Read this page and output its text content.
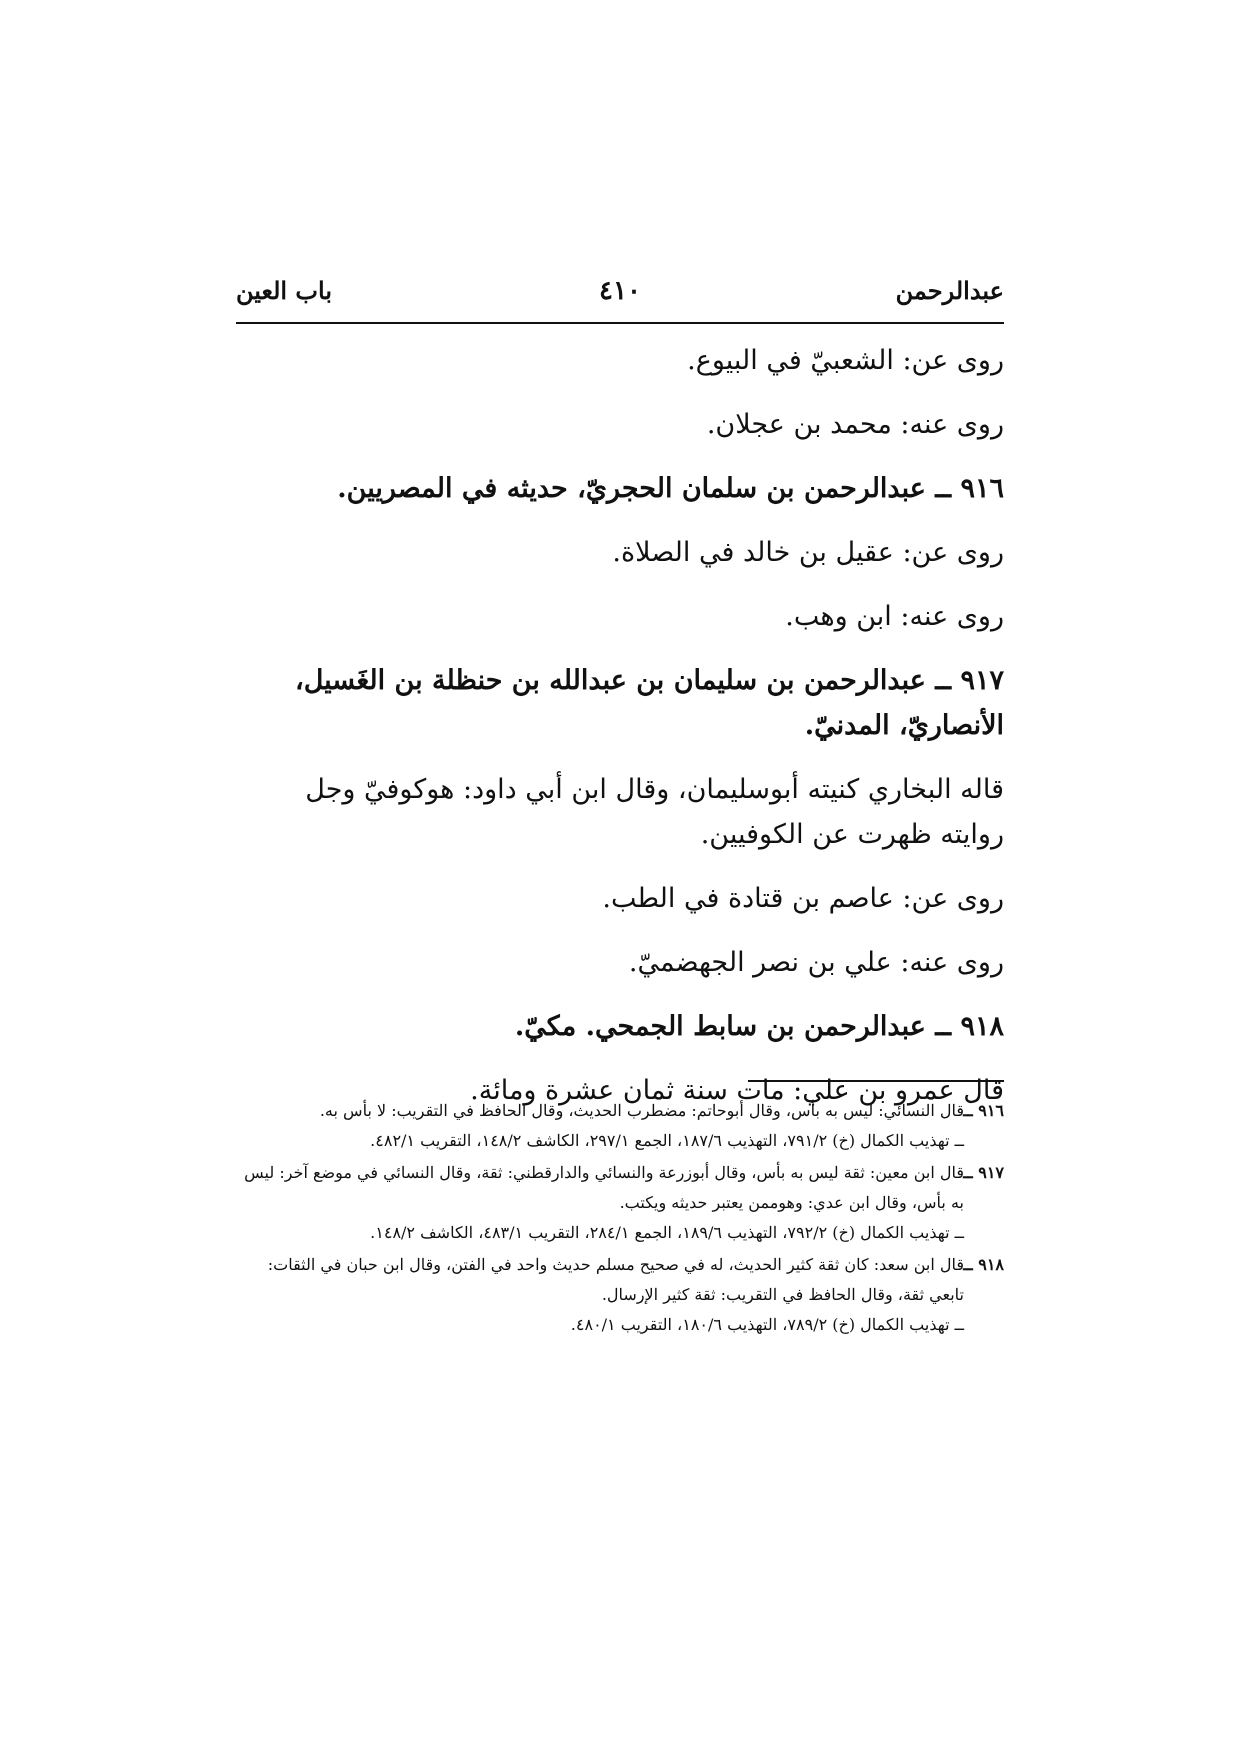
عبدالرحمن
٤١٠
باب العين

روى عن: الشعبيّ في البيوع.

روى عنه: محمد بن عجلان.

٩١٦ ــ عبدالرحمن بن سلمان الحجريّ، حديثه في المصريين.

روى عن: عقيل بن خالد في الصلاة.

روى عنه: ابن وهب.

٩١٧ ــ عبدالرحمن بن سليمان بن عبدالله بن حنظلة بن الغَسيل، الأنصاريّ، المدنيّ.

قاله البخاري كنيته أبوسليمان، وقال ابن أبي داود: هوكوفيّ وجل روايته ظهرت عن الكوفيين.

روى عن: عاصم بن قتادة في الطب.

روى عنه: علي بن نصر الجهضميّ.

٩١٨ ــ عبدالرحمن بن سابط الجمحي. مكيّ.

قال عمرو بن علي: مات سنة ثمان عشرة ومائة.

٩١٦ ــ

قال النسائي: ليس به بأس، وقال أبوحاتم: مضطرب الحديث، وقال الحافظ في التقريب: لا بأس به.

ــ تهذيب الكمال (خ) ٧٩١/٢، التهذيب ١٨٧/٦، الجمع ٢٩٧/١، الكاشف ١٤٨/٢، التقريب ٤٨٢/١.

٩١٧ ــ

قال ابن معين: ثقة ليس به بأس، وقال أبوزرعة والنسائي والدارقطني: ثقة، وقال النسائي في موضع آخر: ليس به بأس، وقال ابن عدي: وهوممن يعتبر حديثه ويكتب.

ــ تهذيب الكمال (خ) ٧٩٢/٢، التهذيب ١٨٩/٦، الجمع ٢٨٤/١، التقريب ٤٨٣/١، الكاشف ١٤٨/٢.

٩١٨ ــ

قال ابن سعد: كان ثقة كثير الحديث، له في صحيح مسلم حديث واحد في الفتن، وقال ابن حبان في الثقات: تابعي ثقة، وقال الحافظ في التقريب: ثقة كثير الإرسال.

ــ تهذيب الكمال (خ) ٧٨٩/٢، التهذيب ١٨٠/٦، التقريب ٤٨٠/١.
